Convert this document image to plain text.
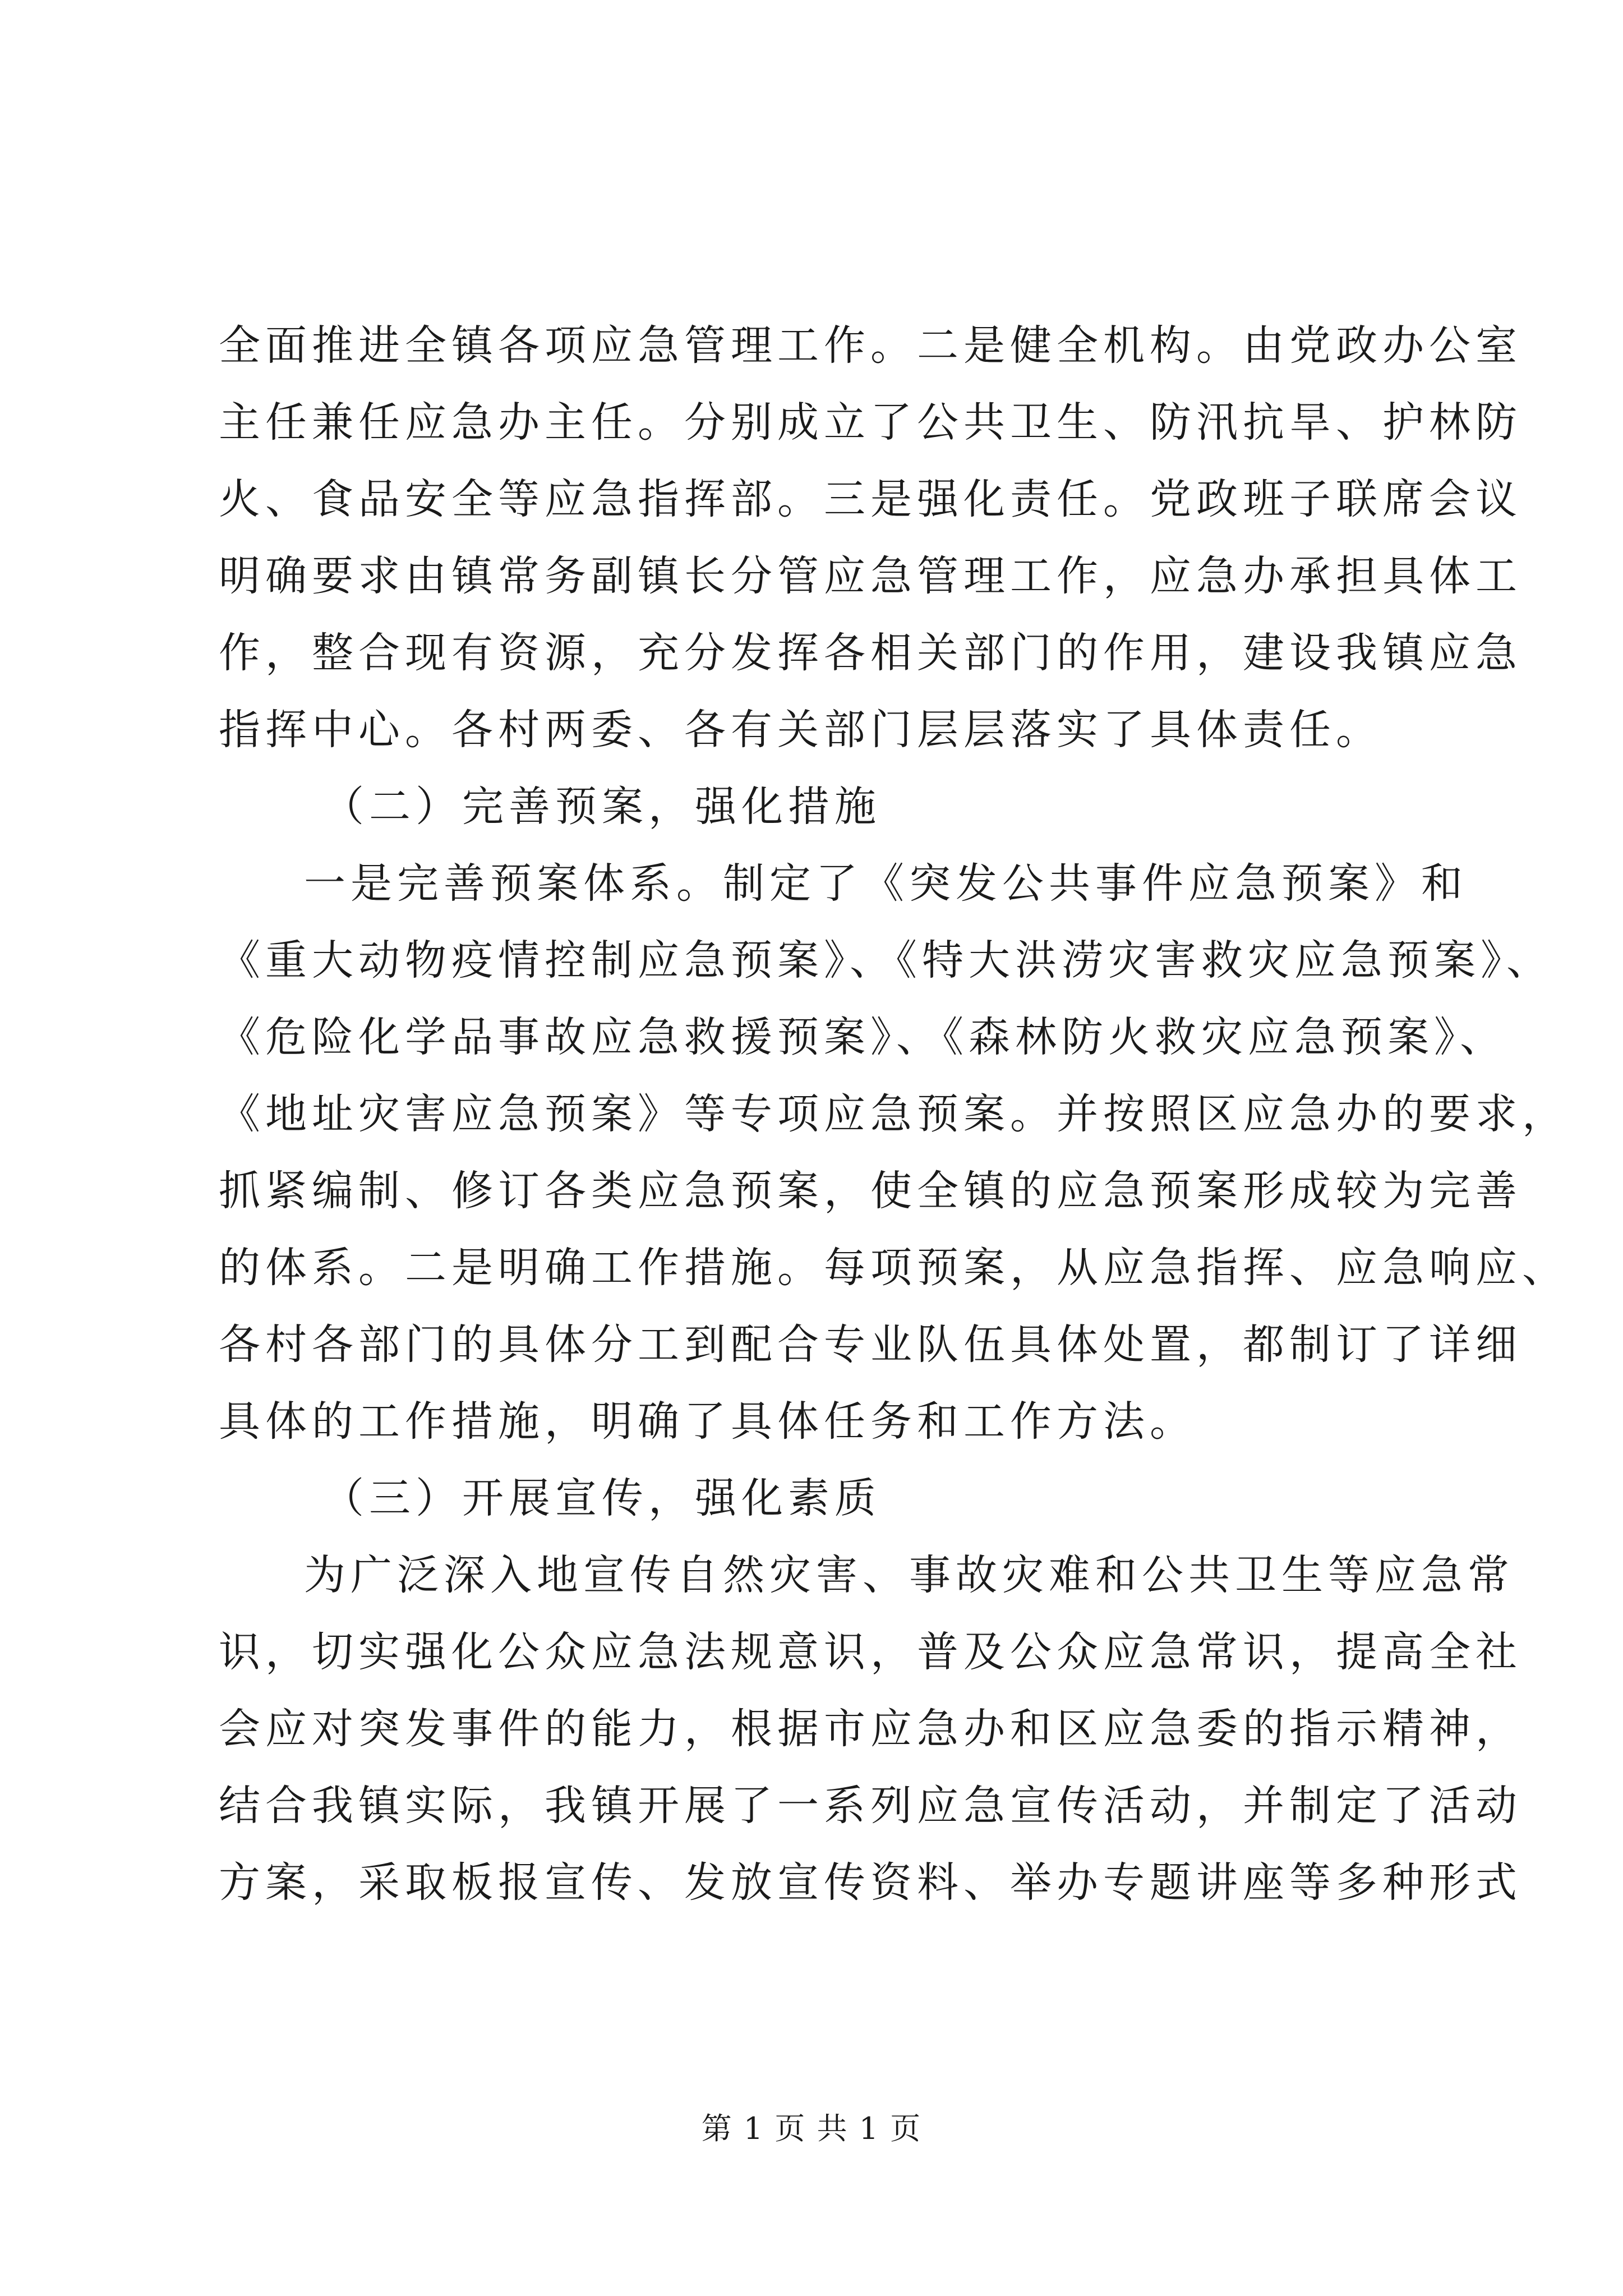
全面推进全镇各项应急管理工作。二是健全机构。由党政办公室
主任兼任应急办主任。分别成立了公共卫生、防汛抗旱、护林防
火、食品安全等应急指挥部。三是强化责任。党政班子联席会议
明确要求由镇常务副镇长分管应急管理工作，应急办承担具体工
作，整合现有资源，充分发挥各相关部门的作用，建设我镇应急
指挥中心。各村两委、各有关部门层层落实了具体责任。
（二）完善预案，强化措施
一是完善预案体系。制定了《突发公共事件应急预案》和
《重大动物疫情控制应急预案》、《特大洪涝灾害救灾应急预案》、
《危险化学品事故应急救援预案》、《森林防火救灾应急预案》、
《地址灾害应急预案》等专项应急预案。并按照区应急办的要求，
抓紧编制、修订各类应急预案，使全镇的应急预案形成较为完善
的体系。二是明确工作措施。每项预案，从应急指挥、应急响应、
各村各部门的具体分工到配合专业队伍具体处置，都制订了详细
具体的工作措施，明确了具体任务和工作方法。
（三）开展宣传，强化素质
为广泛深入地宣传自然灾害、事故灾难和公共卫生等应急常
识，切实强化公众应急法规意识，普及公众应急常识，提高全社
会应对突发事件的能力，根据市应急办和区应急委的指示精神，
结合我镇实际，我镇开展了一系列应急宣传活动，并制定了活动
方案，采取板报宣传、发放宣传资料、举办专题讲座等多种形式
第 1 页 共 1 页
